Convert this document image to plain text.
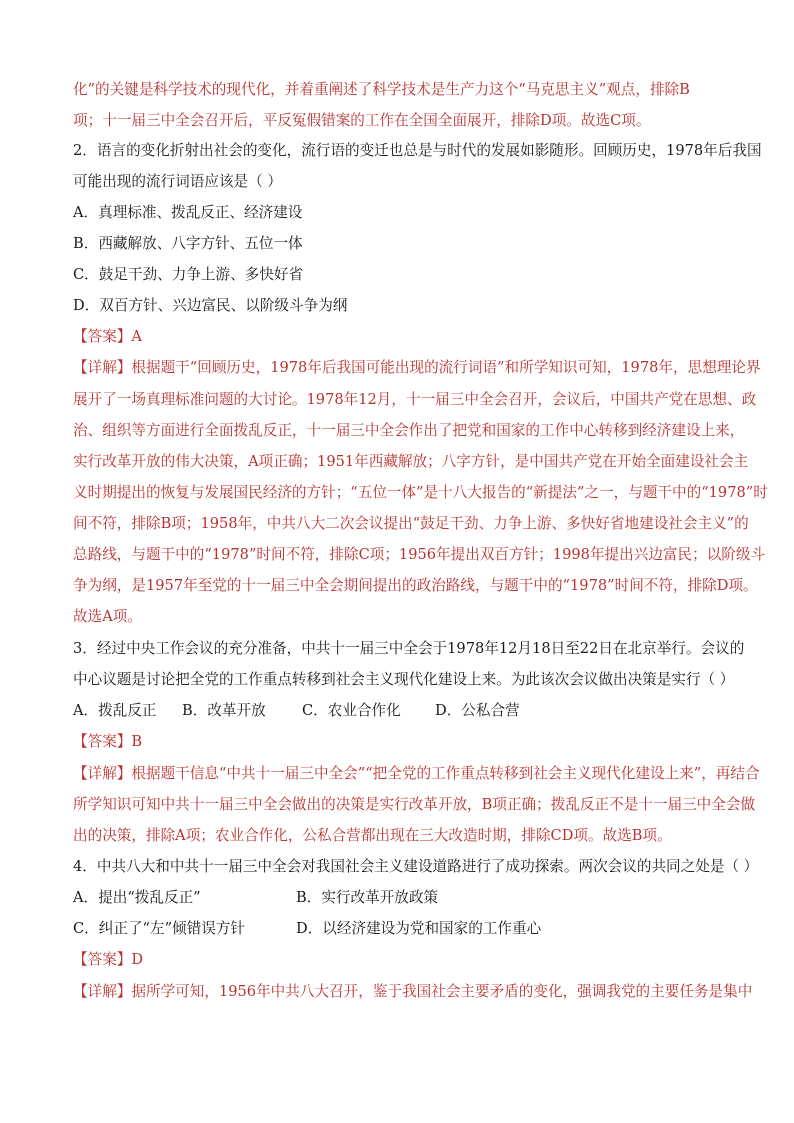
化”的关键是科学技术的现代化，并着重阐述了科学技术是生产力这个“马克思主义”观点，排除B
项；十一届三中全会召开后，平反冤假错案的工作在全国全面展开，排除D项。故选C项。
2．语言的变化折射出社会的变化，流行语的变迁也总是与时代的发展如影随形。回顾历史，1978年后我国
可能出现的流行词语应该是（ ）
A．真理标准、拨乱反正、经济建设
B．西藏解放、八字方针、五位一体
C．鼓足干劲、力争上游、多快好省
D．双百方针、兴边富民、以阶级斗争为纲
【答案】A
【详解】根据题干“回顾历史，1978年后我国可能出现的流行词语”和所学知识可知，1978年，思想理论界
展开了一场真理标准问题的大讨论。1978年12月，十一届三中全会召开，会议后，中国共产党在思想、政
治、组织等方面进行全面拨乱反正，十一届三中全会作出了把党和国家的工作中心转移到经济建设上来，
实行改革开放的伟大决策，A项正确；1951年西藏解放；八字方针，是中国共产党在开始全面建设社会主
义时期提出的恢复与发展国民经济的方针；“五位一体”是十八大报告的“新提法”之一，与题干中的“1978”时
间不符，排除B项；1958年，中共八大二次会议提出“鼓足干劲、力争上游、多快好省地建设社会主义”的
总路线，与题干中的“1978”时间不符，排除C项；1956年提出双百方针；1998年提出兴边富民；以阶级斗
争为纲，是1957年至党的十一届三中全会期间提出的政治路线，与题干中的“1978”时间不符，排除D项。
故选A项。
3．经过中央工作会议的充分准备，中共十一届三中全会于1978年12月18日至22日在北京举行。会议的
中心议题是讨论把全党的工作重点转移到社会主义现代化建设上来。为此该次会议做出决策是实行（ ）
A．拨乱反正 B．改革开放 C．农业合作化 D．公私合营
【答案】B
【详解】根据题干信息“中共十一届三中全会”“把全党的工作重点转移到社会主义现代化建设上来”，再结合
所学知识可知中共十一届三中全会做出的决策是实行改革开放，B项正确；拨乱反正不是十一届三中全会做
出的决策，排除A项；农业合作化，公私合营都出现在三大改造时期，排除CD项。故选B项。
4．中共八大和中共十一届三中全会对我国社会主义建设道路进行了成功探索。两次会议的共同之处是（ ）
A．提出“拨乱反正”	B．实行改革开放政策
C．纠正了“左”倾错误方针	D．以经济建设为党和国家的工作重心
【答案】D
【详解】据所学可知，1956年中共八大召开，鉴于我国社会主要矛盾的变化，强调我党的主要任务是集中
